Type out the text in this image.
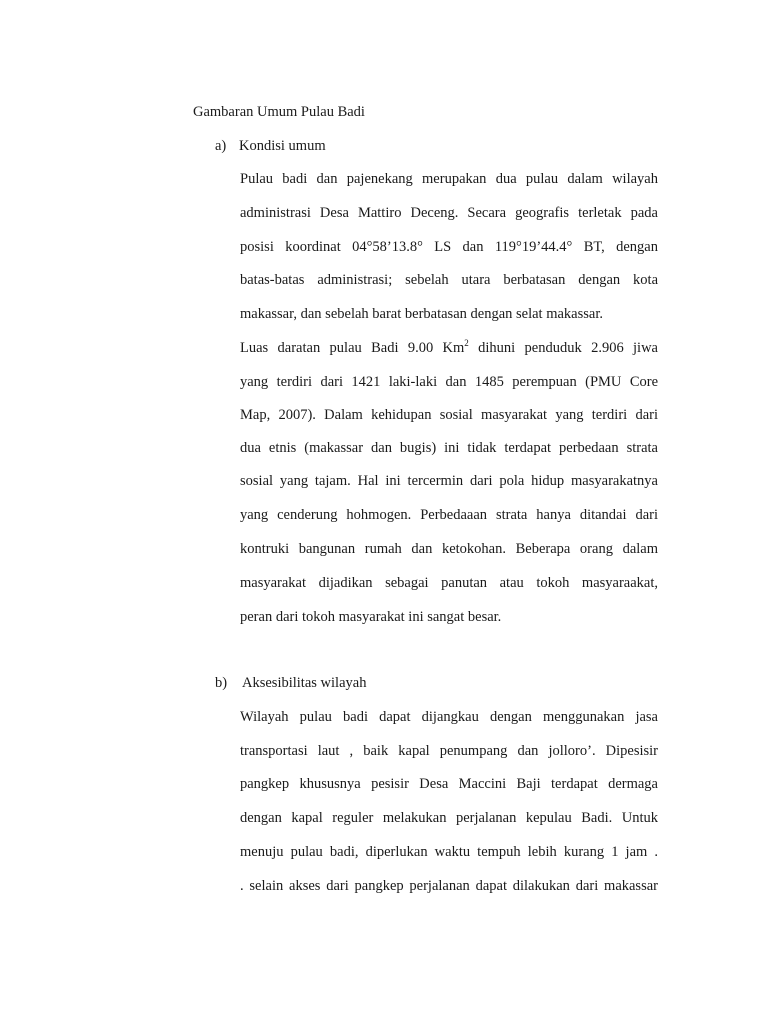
Gambaran Umum Pulau Badi
a) Kondisi umum
Pulau badi dan pajenekang merupakan dua pulau dalam wilayah
administrasi Desa Mattiro Deceng. Secara geografis terletak pada
posisi koordinat 04°58’13.8° LS dan 119°19’44.4° BT, dengan
batas-batas administrasi; sebelah utara berbatasan dengan kota
makassar, dan sebelah barat berbatasan dengan selat makassar.
Luas daratan pulau Badi 9.00 Km$^2$ dihuni penduduk 2.906 jiwa
yang terdiri dari 1421 laki-laki dan 1485 perempuan (PMU Core
Map, 2007). Dalam kehidupan sosial masyarakat yang terdiri dari
dua etnis (makassar dan bugis) ini tidak terdapat perbedaan strata
sosial yang tajam. Hal ini tercermin dari pola hidup masyarakatnya
yang cenderung hohmogen. Perbedaaan strata hanya ditandai dari
kontruki bangunan rumah dan ketokohan. Beberapa orang dalam
masyarakat dijadikan sebagai panutan atau tokoh masyaraakat,
peran dari tokoh masyarakat ini sangat besar.
b) Aksesibilitas wilayah
Wilayah pulau badi dapat dijangkau dengan menggunakan jasa
transportasi laut , baik kapal penumpang dan jolloro’. Dipesisir
pangkep khususnya pesisir Desa Maccini Baji terdapat dermaga
dengan kapal reguler melakukan perjalanan kepulau Badi. Untuk
menuju pulau badi, diperlukan waktu tempuh lebih kurang 1 jam .
. selain akses dari pangkep perjalanan dapat dilakukan dari makassar
